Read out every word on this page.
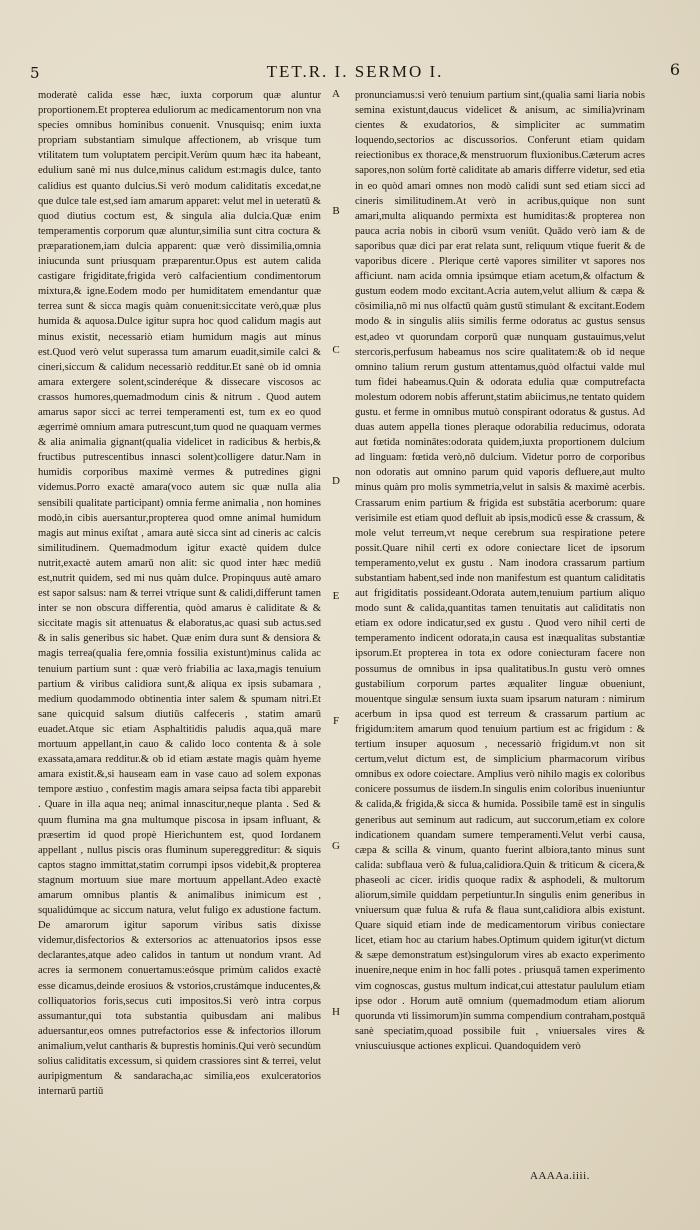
5	TET.R. I. SERMO I.	6

moderatè calida esse hæc, iuxta corporum quæ aluntur proportionem.Et propterea eduliorum ac medicamentorum non vna species omnibus hominibus conuenit. Vnusquisq; enim iuxta propriam substantiam simulque affectionem, ab vrisque tum vtilitatem tum voluptatem percipit.Verùm quum hæc ita habeant, edulium sanè mi nus dulce,minus calidum est:magis dulce, tanto calidius est quanto dulcius.Si verò modum caliditatis excedat,ne que dulce tale est,sed iam amarum apparet: velut mel in ueteratū & quod diutius coctum est, & singula alia dulcia.Quæ enim temperamentis corporum quæ aluntur,similia sunt citra coctura & præparationem,iam dulcia apparent: quæ verò dissimilia,omnia iniucunda sunt priusquam præparentur.Opus est autem calida castigare frigiditate,frigida verò calfacientium condimentorum mixtura,& igne.Eodem modo per humiditatem emendantur quæ terrea sunt & sicca magis quàm conuenit:siccitate verò,quæ plus humida & aquosa.Dulce igitur supra hoc quod calidum magis aut minus existit, necessariò etiam humidum magis aut minus est.Quod verò velut superassa tum amarum euadit,simile calci & cineri,siccum & calidum necessariò redditur.Et sanè ob id omnia amara extergere solent,scinderéque & dissecare viscosos ac crassos humores,quemadmodum cinis & nitrum . Quod autem amarus sapor sicci ac terrei temperamenti est, tum ex eo quod ægerrimè omnium amara putrescunt,tum quod ne quaquam vermes & alia animalia gignant(qualia videlicet in radicibus & herbis,& fructibus putrescentibus innasci solent)colligere datur.Nam in humidis corporibus maximè vermes & putredines gigni videmus.Porro exactè amara(voco autem sic quæ nulla alia sensibili qualitate participant) omnia ferme animalia , non homines modò,in cibis auersantur,propterea quod omne animal humidum magis aut minus exiſtat , amara autè sicca sint ad cineris ac calcis similitudinem. Quemadmodum igitur exactè quidem dulce nutrit,exactè autem amarū non alit: sic quod inter hæc mediū est,nutrit quidem, sed mi nus quàm dulce. Propinquus autè amaro est sapor salsus: nam & terrei vtrique sunt & calidi,differunt tamen inter se non obscura differentia, quòd amarus è caliditate & & siccitate magis sit attenuatus & elaboratus,ac quasi sub actus.sed & in salis generibus sic habet. Quæ enim dura sunt & densiora & magis terrea(qualia fere,omnia fossilia existunt)minus calida ac tenuium partium sunt : quæ verò friabilia ac laxa,magis tenuium partium & viribus calidiora sunt,& aliqua ex ipsis subamara , medium quodammodo obtinentia inter salem & spumam nitri.Et sane quicquid salsum diutiūs calfeceris , statim amarū euadet.Atque sic etiam Asphaltitidis paludis aqua,quā mare mortuum appellant,in cauo & calido loco contenta & à sole exassata,amara redditur.& ob id etiam æstate magis quàm hyeme amara existit.&,si hauseam eam in vase cauo ad solem exponas tempore æstiuo , confestim magis amara seipsa facta tibi apparebit . Quare in illa aqua neq; animal innascitur,neque planta . Sed & quum flumina ma gna multumque piscosa in ipsam influant, & præsertim id quod propè Hierichuntem est, quod Iordanem appellant , nullus piscis oras fluminum supereggreditur: & siquis captos stagno immittat,statim corrumpi ipsos videbit,& propterea stagnum mortuum siue mare mortuum appellant.Adeo exactè amarum omnibus plantis & animalibus inimicum est , squalidúmque ac siccum natura, velut fuligo ex adustione factum. De amarorum igitur saporum viribus satis dixisse videmur,disfectorios & extersorios ac attenuatorios ipsos esse declarantes,atque adeo calidos in tantum ut nondum vrant. Ad acres ia sermonem conuertamus:eósque primùm calidos exactè esse dicamus,deinde erosiuos & vstorios,crustámque inducentes,& colliquatorios foris,secus cuti impositos.Si verò intra corpus assumantur,qui tota substantia quibusdam ani malibus aduersantur,eos omnes putrefactorios esse & infectorios illorum animalium,velut cantharis & buprestis hominis.Qui verò secundùm solius caliditatis excessum, si quidem crassiores sint & terrei, velut auripigmentum & sandaracha,ac similia,eos exulceratorios internarū partiū

A
B
C
D
E
F
G
H

pronunciamus:si verò tenuium partium sint,(qualia sami liaria nobis semina existunt,daucus videlicet & anisum, ac similia)vrinam cientes & exudatorios, & simpliciter ac summatim loquendo,sectorios ac discussorios. Conferunt etiam quidam reiectionibus ex thorace,& menstruorum fluxionibus.Cæterum acres sapores,non solùm fortè caliditate ab amaris differre videtur, sed etia in eo quòd amari omnes non modò calidi sunt sed etiam sicci ad cineris similitudinem.At verò in acribus,quique non sunt amari,multa aliquando permixta est humiditas:& propterea non pauca acria nobis in ciborū vsum veniūt. Quādo verò iam & de saporibus quæ dici par erat relata sunt, reliquum vtique fuerit & de vaporibus dicere . Plerique certè vapores similiter vt sapores nos afficiunt. nam acida omnia ipsúmque etiam acetum,& olfactum & gustum eodem modo excitant.Acria autem,velut allium & cæpa & cōsimilia,nō mi nus olfactū quàm gustū stimulant & excitant.Eodem modo & in singulis aliis similis ferme odoratus ac gustus sensus est,adeo vt quorundam corporū quæ nunquam gustauimus,velut stercoris,perfusum habeamus nos scire qualitatem:& ob id neque omnino talium rerum gustum attentamus,quòd olfactui valde mul tum fidei habeamus.Quin & odorata edulia quæ computrefacta molestum odorem nobis afferunt,statim abiicimus,ne tentato quidem gustu. et ferme in omnibus mutuò conspirant odoratus & gustus. Ad duas autem appella tiones pleraque odorabilia reducimus, odorata aut fœtida nominātes:odorata quidem,iuxta proportionem dulcium ad linguam: fœtida verò,nō dulcium. Videtur porro de corporibus non odoratis aut omnino parum quid vaporis defluere,aut multo minus quàm pro molis symmetria,velut in salsis & maximè acerbis. Crassarum enim partium & frigida est substātia acerborum: quare verisimile est etiam quod defluit ab ipsis,modicū esse & crassum, & mole velut terreum,vt neque cerebrum sua respiratione petere possit.Quare nihil certi ex odore coniectare licet de ipsorum temperamento,velut ex gustu . Nam inodora crassarum partium substantiam habent,sed inde non manifestum est quantum caliditatis aut frigiditatis possideant.Odorata autem,tenuium partium aliquo modo sunt & calida,quantitas tamen tenuitatis aut caliditatis non etiam ex odore indicatur,sed ex gustu . Quod vero nihil certi de temperamento indicent odorata,in causa est inæqualitas substantiæ ipsorum.Et propterea in tota ex odore coniecturam facere non possumus de omnibus in ipsa qualitatibus.In gustu verò omnes gustabilium corporum partes æqualiter linguæ obueniunt, mouentque singulæ sensum iuxta suam ipsarum naturam : nimirum acerbum in ipsa quod est terreum & crassarum partium ac frigidum:item amarum quod tenuium partium est ac frigidum : & tertium insuper aquosum , necessariò frigidum.vt non sit certum,velut dictum est, de simplicium pharmacorum viribus omnibus ex odore coiectare. Amplius verò nihilo magis ex coloribus conicere possumus de iisdem.In singulis enim coloribus inueniuntur & calida,& frigida,& sicca & humida. Possibile tamē est in singulis generibus aut seminum aut radicum, aut succorum,etiam ex colore indicationem quandam sumere temperamenti.Velut verbi causa, cæpa & scilla & vinum, quanto fuerint albiora,tanto minus sunt calida: subflaua verò & fulua,calidiora.Quin & triticum & cicera,& phaseoli ac cicer. iridis quoque radix & asphodeli, & multorum aliorum,simile quiddam perpetiuntur.In singulis enim generibus in vniuersum quæ fulua & rufa & flaua sunt,calidiora albis existunt. Quare siquid etiam inde de medicamentorum viribus coniectare licet, etiam hoc au ctarium habes.Optimum quidem igitur(vt dictum & sæpe demonstratum est)singulorum vires ab exacto experimento inuenire,neque enim in hoc falli potes . priusquā tamen experimento vim cognoscas, gustus multum indicat,cui attestatur paululum etiam ipse odor . Horum autē omnium (quemadmodum etiam aliorum quorunda vti lissimorum)in summa compendium contraham,postquā sanè speciatim,quoad possibile fuit , vniuersales vires & vniuscuiusque actiones explicui. Quandoquidem verò

AAAAa.iiii.
